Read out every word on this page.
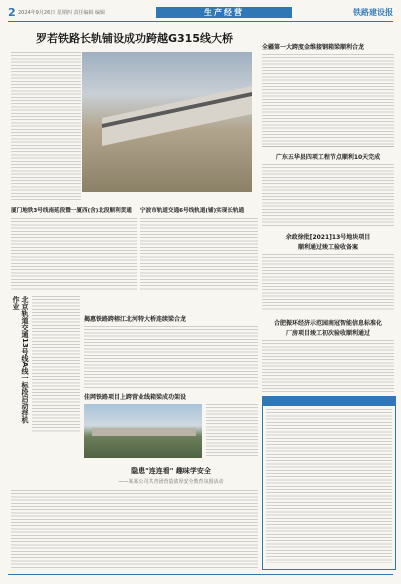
2 2024年9月26日 星期四 责任编辑 编辑	生产经营	铁路建设报
罗若铁路长轨铺设成功跨越G315线大桥
全疆第一大跨度金维接钢箱梁顺利合龙
广东五华县四项工程节点顺利10天完成
余政徐批[2021]13号地块项目
顺利通过竣工验收备案
厦门地铁3号线南延段暨一厦西(含)北段顺利贯通	宁波市轨道交通6号线轨道(铺)实现长轨通
北京轨道交通13号线A线一标段启动拌机作业
揭惠铁路跨榕江北河特大桥连续梁合龙
佳网铁路项目上跨营业线箱梁成功架设
合肥振环经济示范园南冠智能信息标准化
厂房项目竣工初次验收顺利通过
隐患"连连看" 趣味学安全
——某某公司共青团营造浓厚安全教育氛围活动
